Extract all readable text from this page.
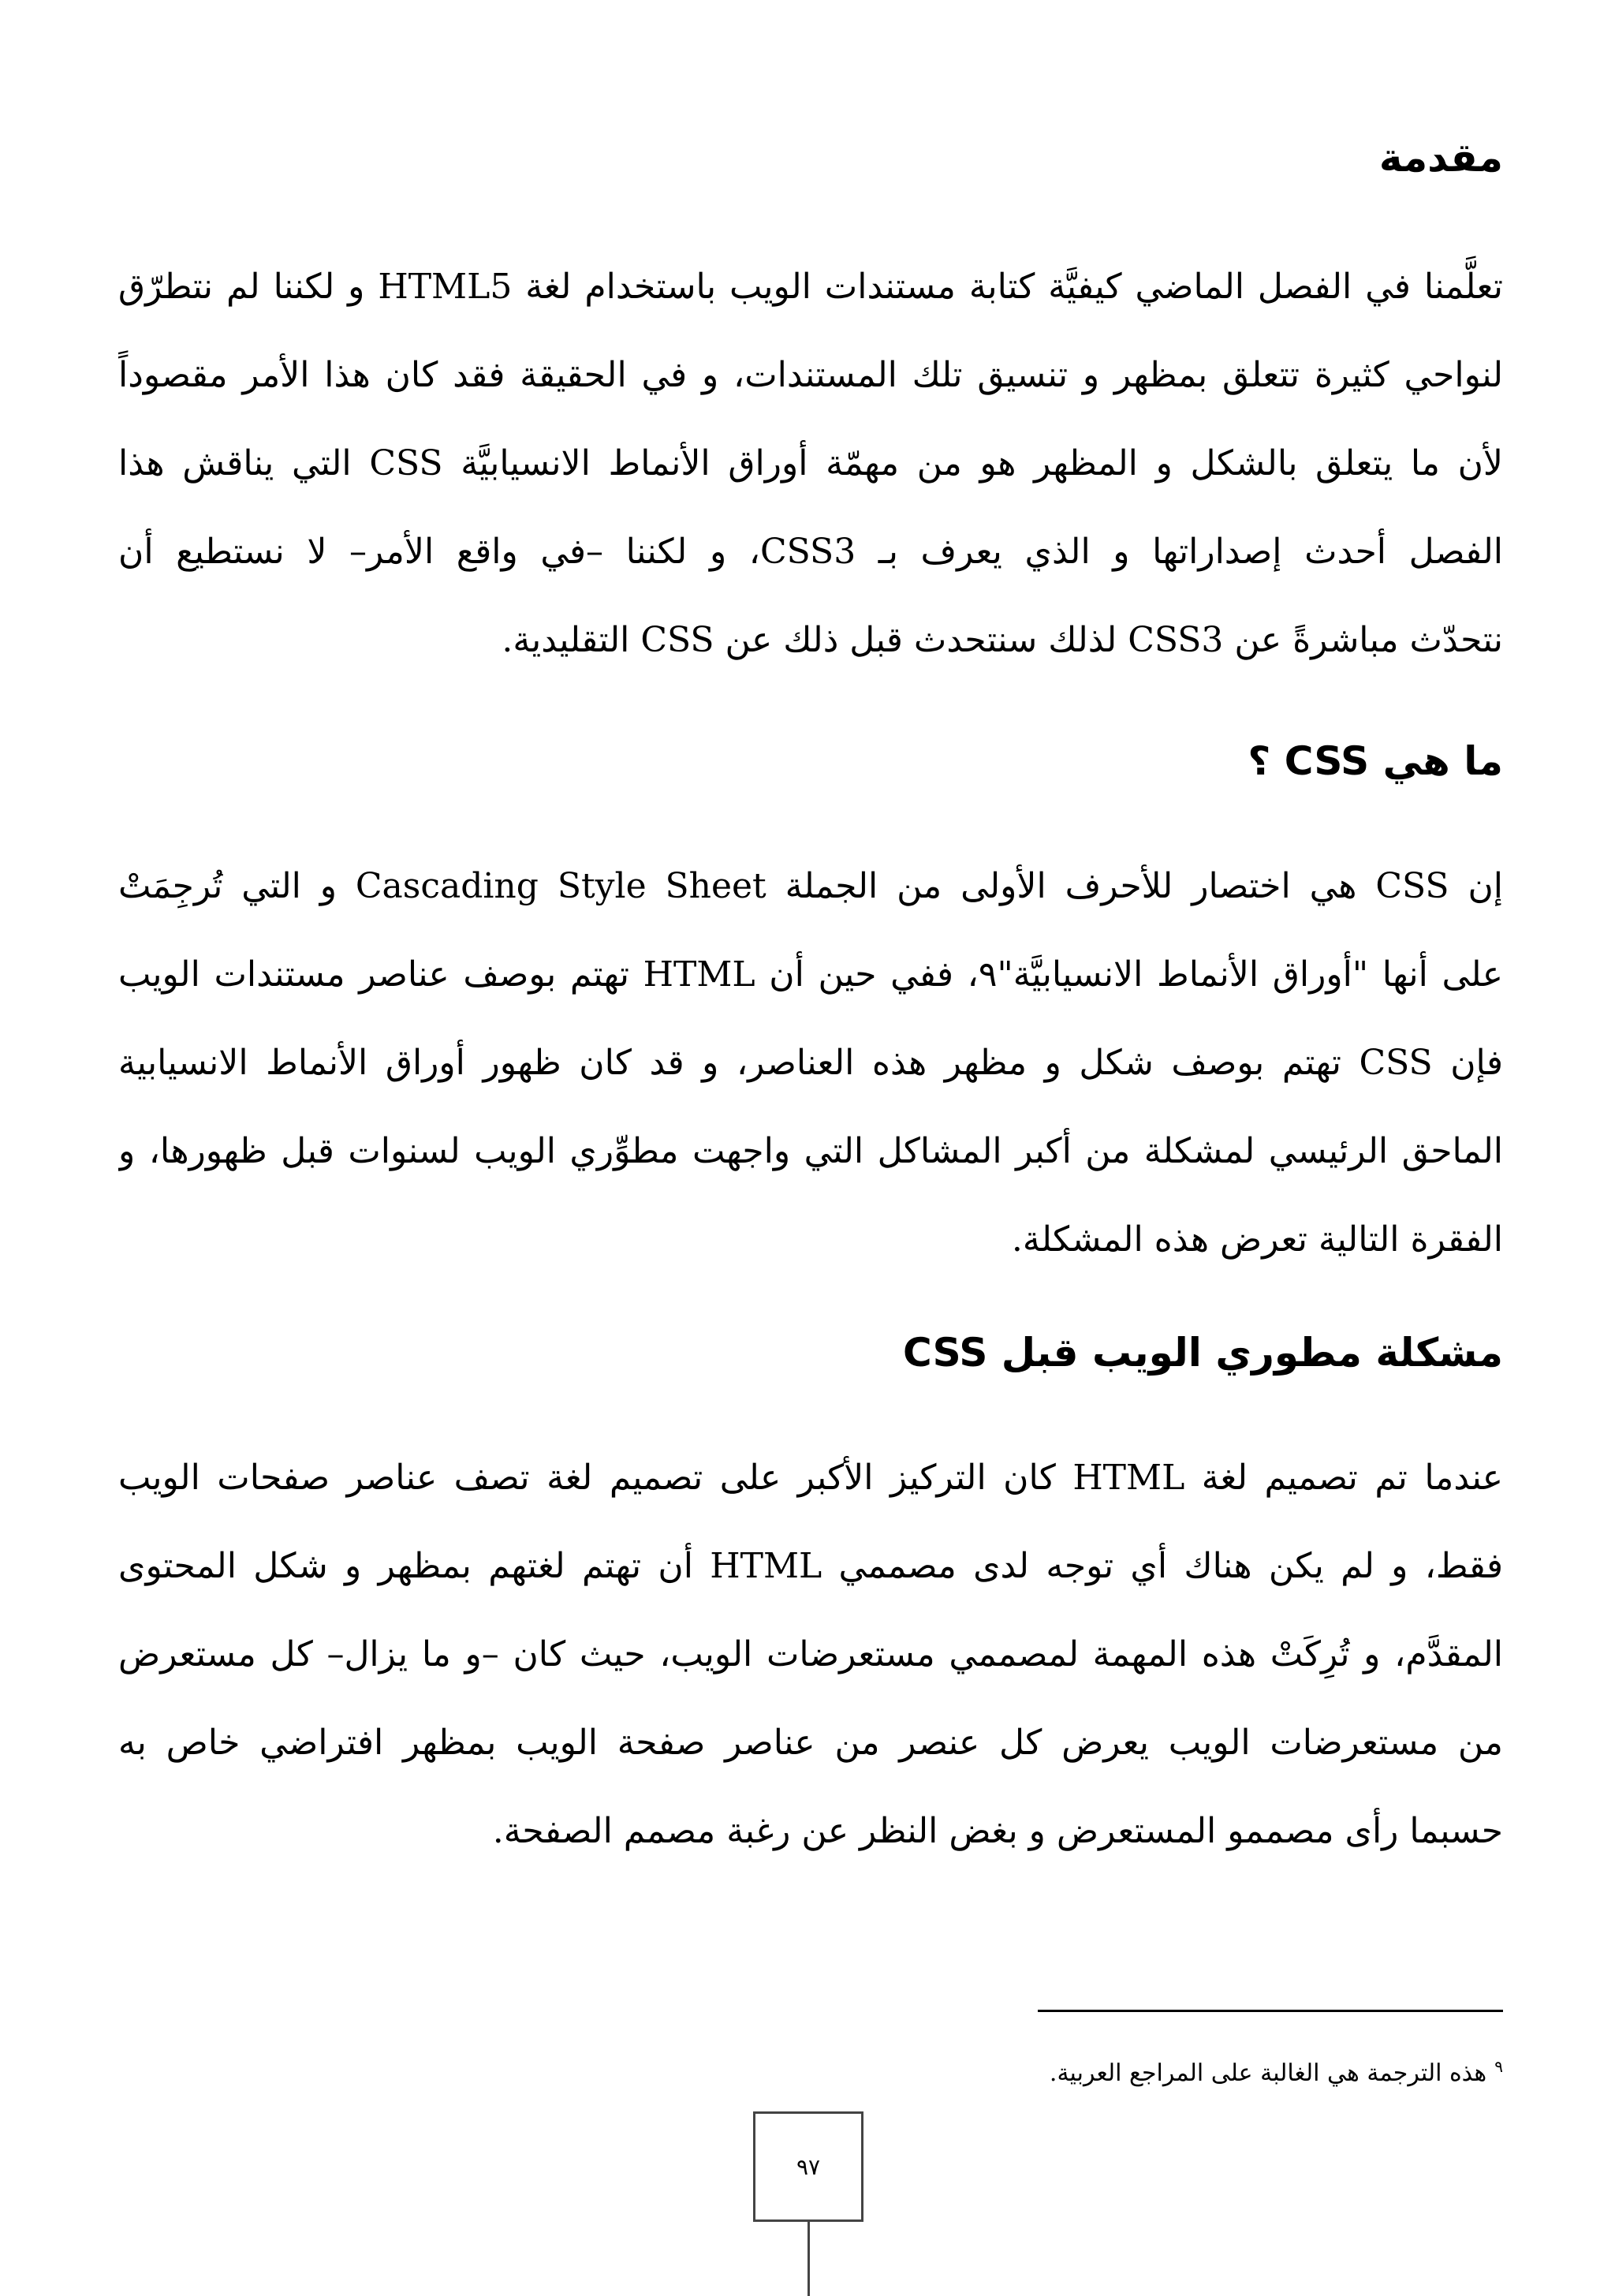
مقدمة
تعلَّمنا في الفصل الماضي كيفيَّة كتابة مستندات الويب باستخدام لغة HTML5 و لكننا لم نتطرّق
لنواحي كثيرة تتعلق بمظهر و تنسيق تلك المستندات، و في الحقيقة فقد كان هذا الأمر مقصوداً
لأن ما يتعلق بالشكل و المظهر هو من مهمّة أوراق الأنماط الانسيابيَّة CSS التي يناقش هذا
الفصل أحدث إصداراتها و الذي يعرف بـ CSS3، و لكننا –في واقع الأمر– لا نستطيع أن
نتحدّث مباشرةً عن CSS3 لذلك سنتحدث قبل ذلك عن CSS التقليدية.
ما هي CSS ؟
إن CSS هي اختصار للأحرف الأولى من الجملة Cascading Style Sheet و التي تُرجِمَتْ
على أنها "أوراق الأنماط الانسيابيَّة"٩، ففي حين أن HTML تهتم بوصف عناصر مستندات الويب
فإن CSS تهتم بوصف شكل و مظهر هذه العناصر، و قد كان ظهور أوراق الأنماط الانسيابية
الماحق الرئيسي لمشكلة من أكبر المشاكل التي واجهت مطوِّري الويب لسنوات قبل ظهورها، و
الفقرة التالية تعرض هذه المشكلة.
مشكلة مطوري الويب قبل CSS
عندما تم تصميم لغة HTML كان التركيز الأكبر على تصميم لغة تصف عناصر صفحات الويب
فقط، و لم يكن هناك أي توجه لدى مصممي HTML أن تهتم لغتهم بمظهر و شكل المحتوى
المقدَّم، و تُرِكَتْ هذه المهمة لمصممي مستعرضات الويب، حيث كان –و ما يزال– كل مستعرض
من مستعرضات الويب يعرض كل عنصر من عناصر صفحة الويب بمظهر افتراضي خاص به
حسبما رأى مصممو المستعرض و بغض النظر عن رغبة مصمم الصفحة.
$^٩$هذه الترجمة هي الغالبة على المراجع العربية.
٩٧
